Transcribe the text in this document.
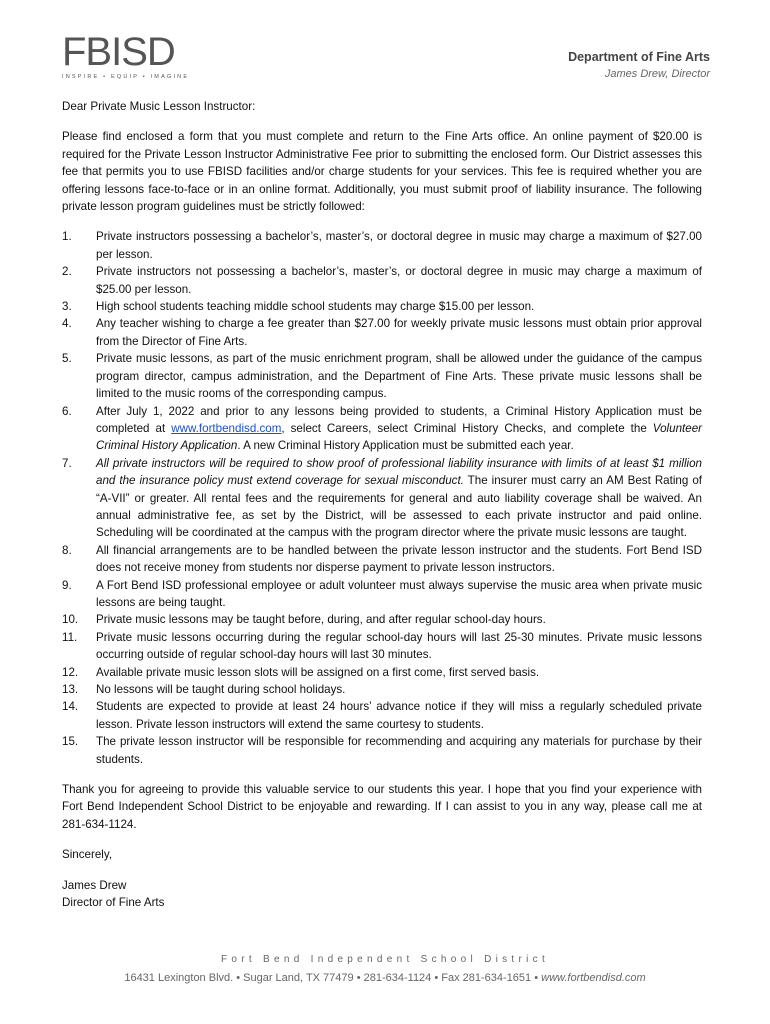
FBISD
INSPIRE • EQUIP • IMAGINE
Department of Fine Arts
James Drew, Director

Dear Private Music Lesson Instructor:

Please find enclosed a form that you must complete and return to the Fine Arts office. An online payment of $20.00 is required for the Private Lesson Instructor Administrative Fee prior to submitting the enclosed form. Our District assesses this fee that permits you to use FBISD facilities and/or charge students for your services. This fee is required whether you are offering lessons face-to-face or in an online format. Additionally, you must submit proof of liability insurance. The following private lesson program guidelines must be strictly followed:

1. Private instructors possessing a bachelor’s, master’s, or doctoral degree in music may charge a maximum of $27.00 per lesson.
2. Private instructors not possessing a bachelor’s, master’s, or doctoral degree in music may charge a maximum of $25.00 per lesson.
3. High school students teaching middle school students may charge $15.00 per lesson.
4. Any teacher wishing to charge a fee greater than $27.00 for weekly private music lessons must obtain prior approval from the Director of Fine Arts.
5. Private music lessons, as part of the music enrichment program, shall be allowed under the guidance of the campus program director, campus administration, and the Department of Fine Arts. These private music lessons shall be limited to the music rooms of the corresponding campus.
6. After July 1, 2022 and prior to any lessons being provided to students, a Criminal History Application must be completed at www.fortbendisd.com, select Careers, select Criminal History Checks, and complete the Volunteer Criminal History Application. A new Criminal History Application must be submitted each year.
7. All private instructors will be required to show proof of professional liability insurance with limits of at least $1 million and the insurance policy must extend coverage for sexual misconduct. The insurer must carry an AM Best Rating of “A-VII” or greater. All rental fees and the requirements for general and auto liability coverage shall be waived. An annual administrative fee, as set by the District, will be assessed to each private instructor and paid online. Scheduling will be coordinated at the campus with the program director where the private music lessons are taught.
8. All financial arrangements are to be handled between the private lesson instructor and the students. Fort Bend ISD does not receive money from students nor disperse payment to private lesson instructors.
9. A Fort Bend ISD professional employee or adult volunteer must always supervise the music area when private music lessons are being taught.
10. Private music lessons may be taught before, during, and after regular school-day hours.
11. Private music lessons occurring during the regular school-day hours will last 25-30 minutes. Private music lessons occurring outside of regular school-day hours will last 30 minutes.
12. Available private music lesson slots will be assigned on a first come, first served basis.
13. No lessons will be taught during school holidays.
14. Students are expected to provide at least 24 hours’ advance notice if they will miss a regularly scheduled private lesson. Private lesson instructors will extend the same courtesy to students.
15. The private lesson instructor will be responsible for recommending and acquiring any materials for purchase by their students.

Thank you for agreeing to provide this valuable service to our students this year. I hope that you find your experience with Fort Bend Independent School District to be enjoyable and rewarding. If I can assist to you in any way, please call me at 281-634-1124.

Sincerely,

James Drew

Director of Fine Arts

Fort Bend Independent School District
16431 Lexington Blvd. • Sugar Land, TX 77479 • 281-634-1124 • Fax 281-634-1651 • www.fortbendisd.com
